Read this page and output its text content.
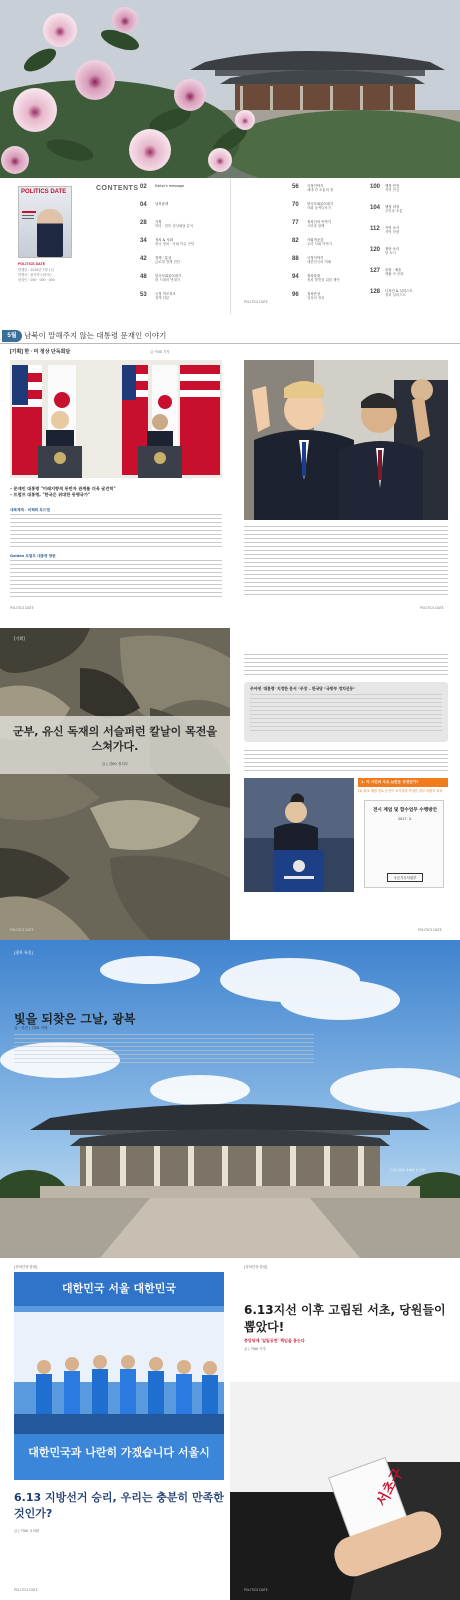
POLITICS DATE
POLITICS DATE
발행일 : 2018년 7월 1일
발행처 : 폴리틱스데이트
편집인 : 000 · 000 · 000
CONTENTS 02	Editor's message
04	남북관계
28	기획
북미 · 한미 정상회담 분석
34	정치 & 사회
한국 정치 · 사회 이슈 진단
42	경제 · 통상
글로벌 경제 진단
48	한국사회읽어내기
한 시대의 연대기
53	국정 이모저모
정책 리뷰
56	국정이야기
세대 간 소통의 장
70	한국사회읽어내기
사회 들여다보기
77	정치인의 이야기
시민과 함께
82	사회적공감
우리 사회 이야기
88	국정이야기
대한민국의 미래
94	정치칼럼
정치 발전을 위한 제언
96	정치단상
일상의 정치
100	행정 안전
지역 민심
104	행정 의정
주민과 소통
112	지역 소식
지역 현장
120	정당 소식
당 소식
127	문화 · 예술
생활 속 문화
128	디자인 & 일러스트
정치 일러스트
POLITICS DATE
5월 남북이 말해주지 않는 대통령 문재인 이야기
[기획] 한 · 미 정상 단독회담	글 이00 기자
– 문재인 대통령 "미래지향적 동반자 관계를 더욱 굳건히"
– 트럼프 대통령, "한국은 위대한 동맹국가"
대북제재 · 비핵화 로드맵
Golden 트럼프 대통령 방한
POLITICS DATE	POLITICS DATE
[기획]
군부, 유신 독재의 서슬퍼런 칼날이 목전을 스쳐가다.
글 | 김00 정치부
POLITICS DATE
주어에 '대통령' 지정한 문서 "주장 – 한국당 "국방부 정치선동"
1. 이 사진의 주요 논란은 무엇인가?
(1) 최초 계엄 검토 문건이 조사결과 작성한 정부 차원의 조치
전시 계엄 및 합수업무 수행방안
2017. 3.
국군기무사령부
POLITICS DATE
[광복 특집]
빛을 되찾은 그날, 광복
글 · 사진 | 김00 기자
독립기념관 겨레의 집 전경
[정치단상·칼럼]
대한민국 서울 대한민국
대한민국과 나란히 가겠습니다 서울시
6.13 지방선거 승리, 우리는 충분히 만족한 것인가?
글 | 이00 시의원
POLITICS DATE
[정치단상·칼럼]
6.13지선 이후 고립된 서초, 당원들이 뽑았다!
중앙당에 '일일공천' 책임을 묻는다
글 | 이00 기자
서초구
POLITICS DATE
